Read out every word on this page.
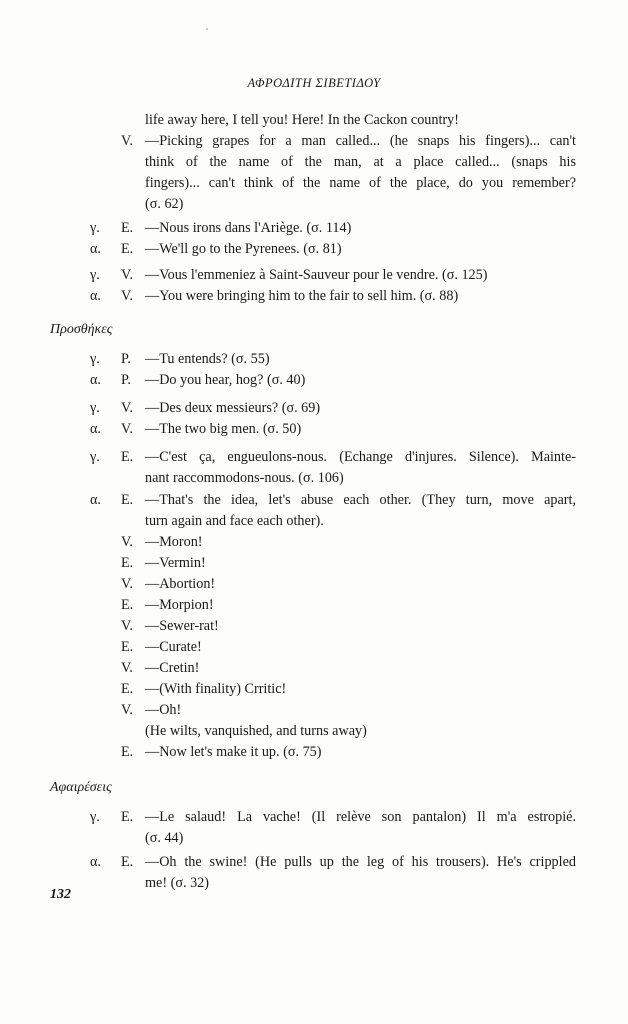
ΑΦΡΟΔΙΤΗ ΣΙΒΕΤΙΔΟΥ
Προσθήκες
Αφαιρέσεις
life away here, I tell you! Here! In the Cackon country!
V. —Picking grapes for a man called... (he snaps his fingers)... can't
think of the name of the man, at a place called... (snaps his
fingers)... can't think of the name of the place, do you remember?
(σ. 62)
γ. E. —Nous irons dans l'Ariège. (σ. 114)
α. E. —We'll go to the Pyrenees. (σ. 81)
γ. V. —Vous l'emmeniez à Saint-Sauveur pour le vendre. (σ. 125)
α. V. —You were bringing him to the fair to sell him. (σ. 88)
γ. P. —Tu entends? (σ. 55)
α. P. —Do you hear, hog? (σ. 40)
γ. V. —Des deux messieurs? (σ. 69)
α. V. —The two big men. (σ. 50)
γ. E. —C'est ça, engueulons-nous. (Echange d'injures. Silence). Mainte-
nant raccommodons-nous. (σ. 106)
α. E. —That's the idea, let's abuse each other. (They turn, move apart,
turn again and face each other).
V. —Moron!
E. —Vermin!
V. —Abortion!
E. —Morpion!
V. —Sewer-rat!
E. —Curate!
V. —Cretin!
E. —(With finality) Crritic!
V. —Oh!
(He wilts, vanquished, and turns away)
E. —Now let's make it up. (σ. 75)
γ. E. —Le salaud! La vache! (Il relève son pantalon) Il m'a estropié.
(σ. 44)
α. E. —Oh the swine! (He pulls up the leg of his trousers). He's crippled
me! (σ. 32)
132
